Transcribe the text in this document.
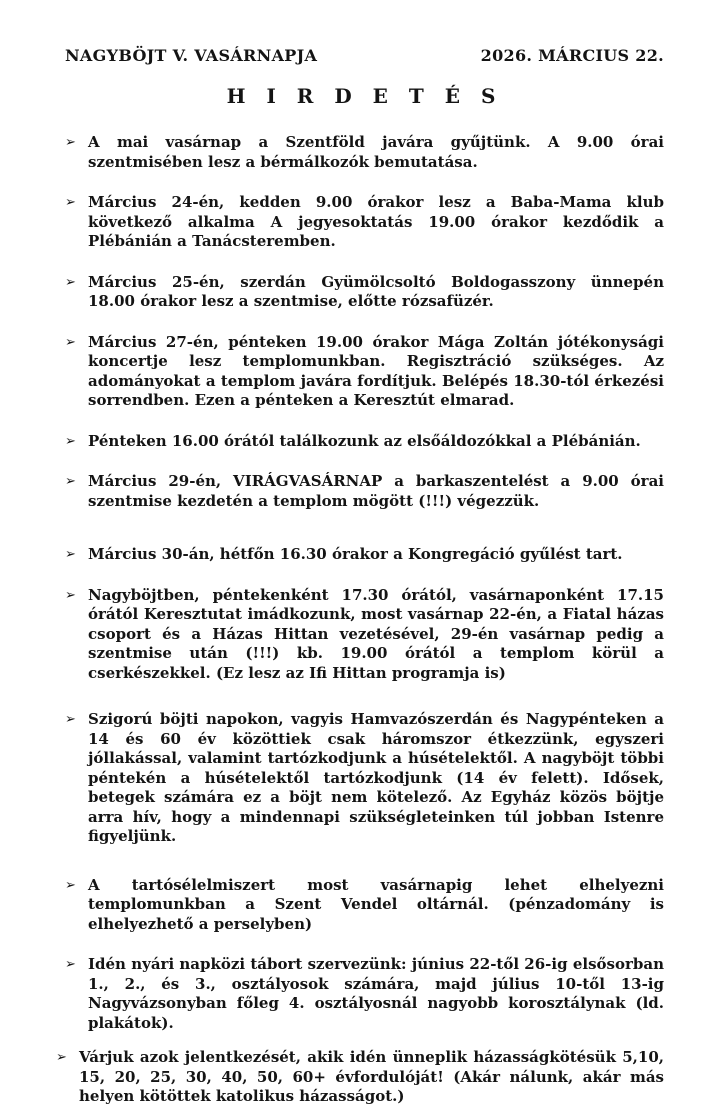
NAGYBÖJT V. VASÁRNAPJA	2026. MÁRCIUS 22.
H I R D E T É S
➢ A mai vasárnap a Szentföld javára gyűjtünk. A 9.00 órai szentmisében lesz a bérmálkozók bemutatása.
➢ Március 24-én, kedden 9.00 órakor lesz a Baba-Mama klub következő alkalma A jegyesoktatás 19.00 órakor kezdődik a Plébánián a Tanácsteremben.
➢ Március 25-én, szerdán Gyümölcsoltó Boldogasszony ünnepén 18.00 órakor lesz a szentmise, előtte rózsafüzér.
➢ Március 27-én, pénteken 19.00 órakor Mága Zoltán jótékonysági koncertje lesz templomunkban. Regisztráció szükséges. Az adományokat a templom javára fordítjuk. Belépés 18.30-tól érkezési sorrendben. Ezen a pénteken a Keresztút elmarad.
➢ Pénteken 16.00 órától találkozunk az elsőáldozókkal a Plébánián.
➢ Március 29-én, VIRÁGVASÁRNAP a barkaszentelést a 9.00 órai szentmise kezdetén a templom mögött (!!!) végezzük.
➢ Március 30-án, hétfőn 16.30 órakor a Kongregáció gyűlést tart.
➢ Nagyböjtben, péntekenként 17.30 órától, vasárnaponként 17.15 órától Keresztutat imádkozunk, most vasárnap 22-én, a Fiatal házas csoport és a Házas Hittan vezetésével, 29-én vasárnap pedig a szentmise után (!!!) kb. 19.00 órától a templom körül a cserkészekkel. (Ez lesz az Ifi Hittan programja is)
➢ Szigorú böjti napokon, vagyis Hamvazószerdán és Nagypénteken a 14 és 60 év közöttiek csak háromszor étkezzünk, egyszeri jóllakással, valamint tartózkodjunk a húsételektől. A nagyböjt többi péntekén a húsételektől tartózkodjunk (14 év felett). Idősek, betegek számára ez a böjt nem kötelező. Az Egyház közös böjtje arra hív, hogy a mindennapi szükségleteinken túl jobban Istenre figyeljünk.
➢ A tartósélelmiszert most vasárnapig lehet elhelyezni templomunkban a Szent Vendel oltárnál. (pénzadomány is elhelyezhető a perselyben)
➢ Idén nyári napközi tábort szervezünk: június 22-től 26-ig elsősorban 1., 2., és 3., osztályosok számára, majd július 10-től 13-ig Nagyvázsonyban főleg 4. osztályosnál nagyobb korosztálynak (ld. plakátok).
➢ Várjuk azok jelentkezését, akik idén ünneplik házasságkötésük 5,10, 15, 20, 25, 30, 40, 50, 60+ évfordulóját! (Akár nálunk, akár más helyen kötöttek katolikus házasságot.)
